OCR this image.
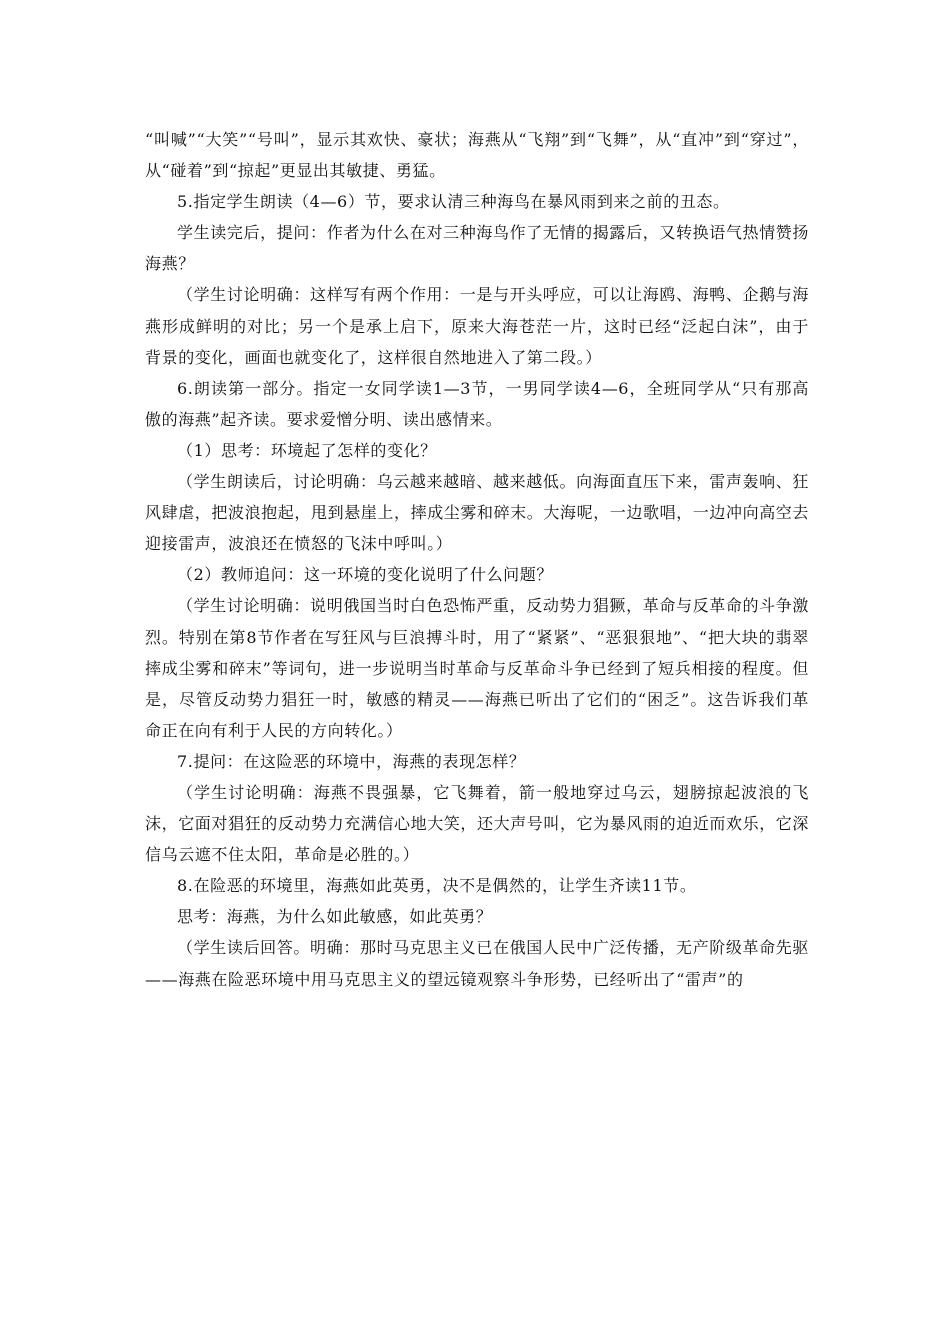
“叫喊”“大笑”“号叫”，显示其欢快、豪状；海燕从“飞翔”到“飞舞”，从“直冲”到“穿过”，从“碰着”到“掠起”更显出其敏捷、勇猛。

5.指定学生朗读（4—6）节，要求认清三种海鸟在暴风雨到来之前的丑态。

学生读完后，提问：作者为什么在对三种海鸟作了无情的揭露后，又转换语气热情赞扬海燕？

（学生讨论明确：这样写有两个作用：一是与开头呼应，可以让海鸥、海鸭、企鹅与海燕形成鲜明的对比；另一个是承上启下，原来大海苍茫一片，这时已经“泛起白沫”，由于背景的变化，画面也就变化了，这样很自然地进入了第二段。）

6.朗读第一部分。指定一女同学读1—3节，一男同学读4—6，全班同学从“只有那高傲的海燕”起齐读。要求爱憎分明、读出感情来。

（1）思考：环境起了怎样的变化？

（学生朗读后，讨论明确：乌云越来越暗、越来越低。向海面直压下来，雷声轰响、狂风肆虐，把波浪抱起，甩到悬崖上，摔成尘雾和碎末。大海呢，一边歌唱，一边冲向高空去迎接雷声，波浪还在愤怒的飞沫中呼叫。）

（2）教师追问：这一环境的变化说明了什么问题？

（学生讨论明确：说明俄国当时白色恐怖严重，反动势力猖獗，革命与反革命的斗争激烈。特别在第8节作者在写狂风与巨浪搏斗时，用了“紧紧”、“恶狠狠地”、“把大块的翡翠摔成尘雾和碎末”等词句，进一步说明当时革命与反革命斗争已经到了短兵相接的程度。但是，尽管反动势力猖狂一时，敏感的精灵——海燕已听出了它们的“困乏”。这告诉我们革命正在向有利于人民的方向转化。）

7.提问：在这险恶的环境中，海燕的表现怎样？

（学生讨论明确：海燕不畏强暴，它飞舞着，箭一般地穿过乌云，翅膀掠起波浪的飞沫，它面对猖狂的反动势力充满信心地大笑，还大声号叫，它为暴风雨的迫近而欢乐，它深信乌云遮不住太阳，革命是必胜的。）

8.在险恶的环境里，海燕如此英勇，决不是偶然的，让学生齐读11节。

思考：海燕，为什么如此敏感，如此英勇？

（学生读后回答。明确：那时马克思主义已在俄国人民中广泛传播，无产阶级革命先驱——海燕在险恶环境中用马克思主义的望远镜观察斗争形势，已经听出了“雷声”的
